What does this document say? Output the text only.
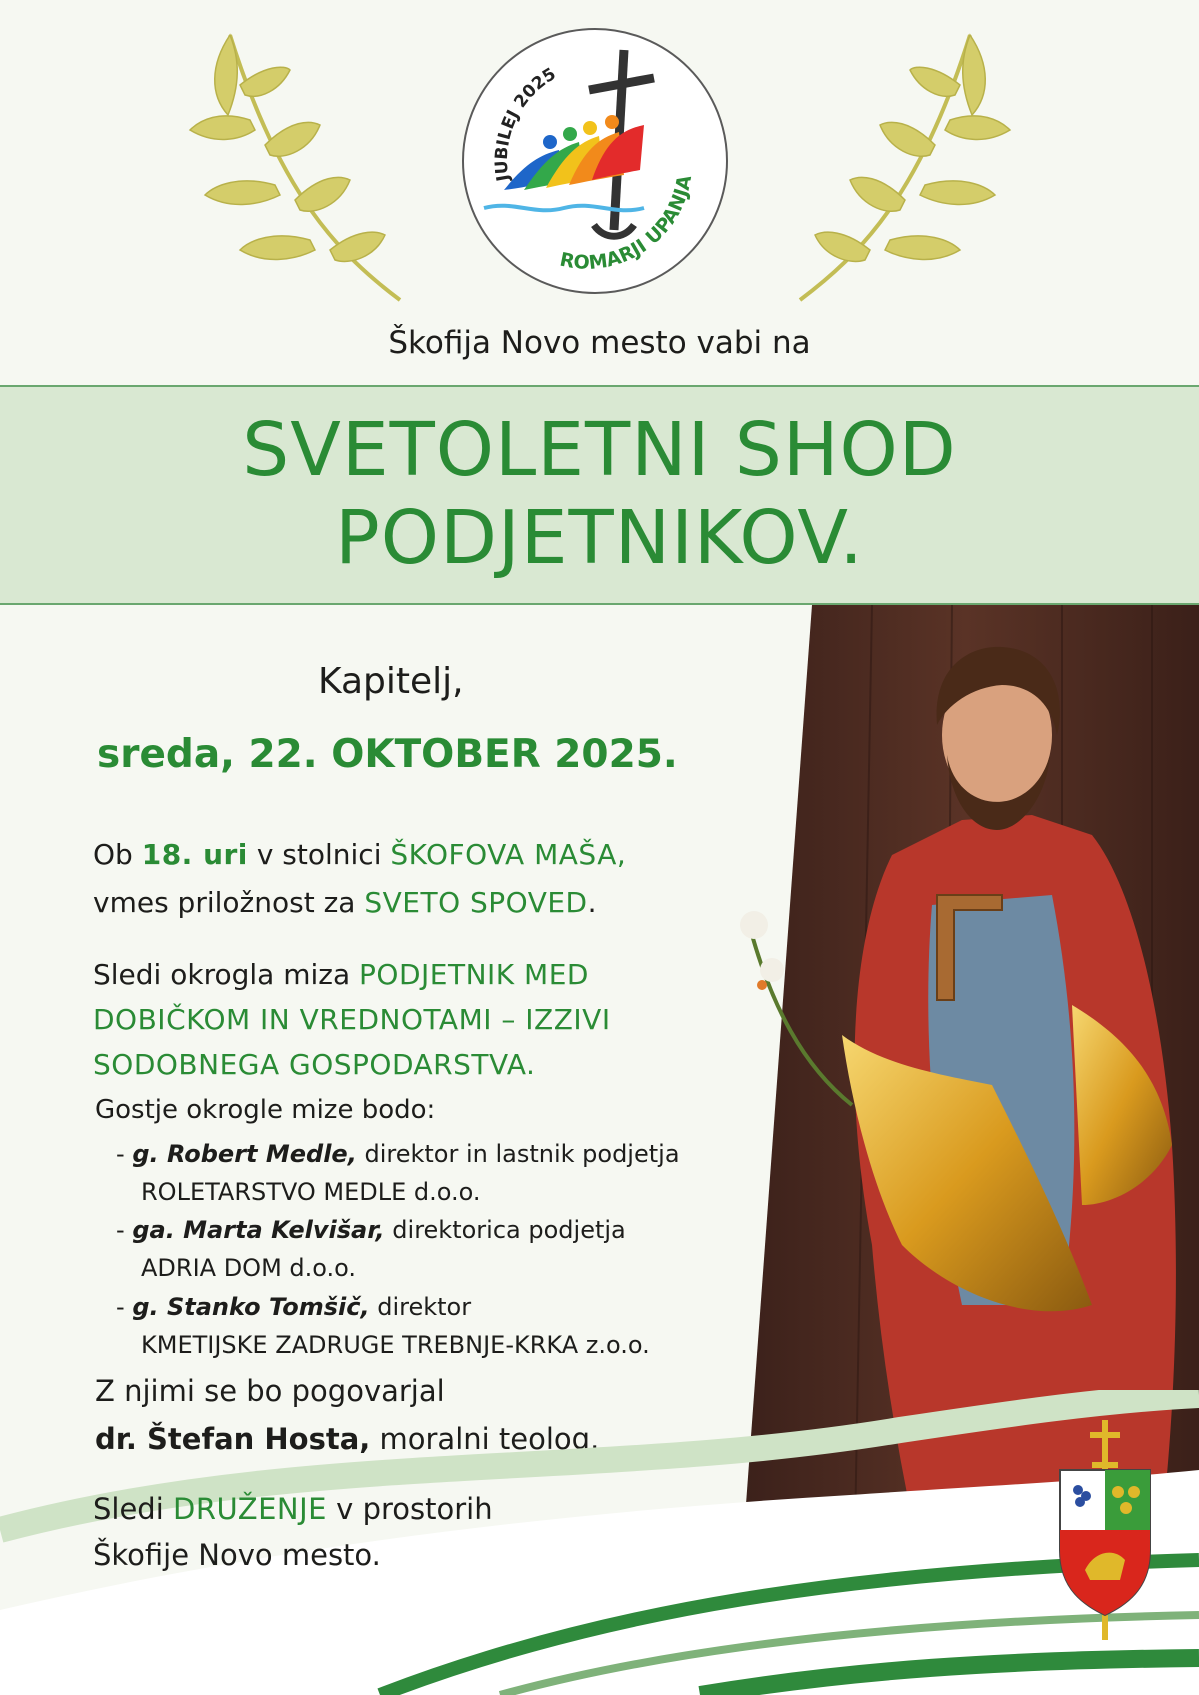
JUBILEJ 2025
ROMARJI UPANJA
Škofija Novo mesto vabi na
SVETOLETNI SHOD
PODJETNIKOV.
Kapitelj,
sreda, 22. OKTOBER 2025.
Ob 18. uri v stolnici ŠKOFOVA MAŠA,
vmes priložnost za SVETO SPOVED.
Sledi okrogla miza PODJETNIK MED
DOBIČKOM IN VREDNOTAMI – IZZIVI
SODOBNEGA GOSPODARSTVA.
Gostje okrogle mize bodo:
- g. Robert Medle, direktor in lastnik podjetja
ROLETARSTVO MEDLE d.o.o.
- ga. Marta Kelvišar, direktorica podjetja
ADRIA DOM d.o.o.
- g. Stanko Tomšič, direktor
KMETIJSKE ZADRUGE TREBNJE-KRKA z.o.o.
Z njimi se bo pogovarjal
dr. Štefan Hosta, moralni teolog.
Sledi DRUŽENJE v prostorih
Škofije Novo mesto.
